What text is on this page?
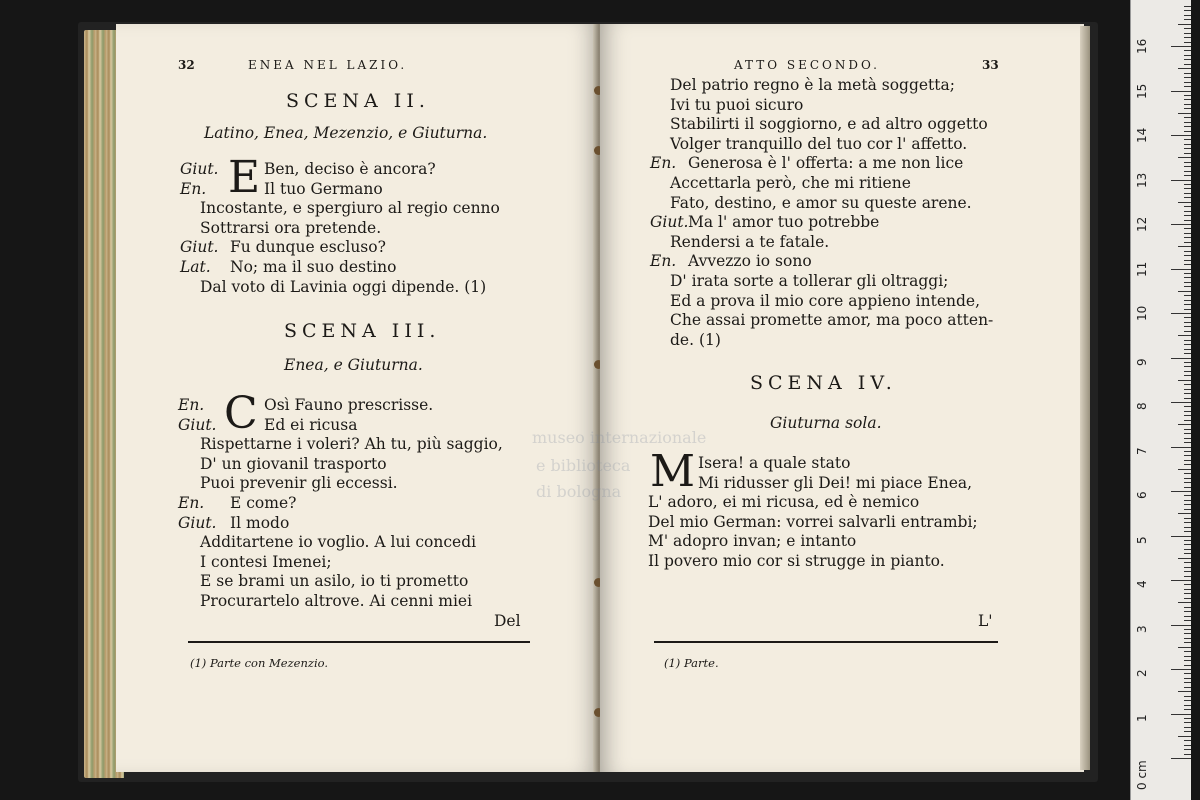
32	ENEA NEL LAZIO.
SCENA II.
Latino, Enea, Mezenzio, e Giuturna.
Giut.	Ben, deciso è ancora?
En.	Il tuo Germano
Incostante, e spergiuro al regio cenno
Sottrarsi ora pretende.
Giut. Fu dunque escluso?
Lat. No; ma il suo destino
Dal voto di Lavinia oggi dipende. (1)
E
SCENA III.
Enea, e Giuturna.
En.	Osì Fauno prescrisse.
Giut.	Ed ei ricusa
Rispettarne i voleri? Ah tu, più saggio,
D' un giovanil trasporto
Puoi prevenir gli eccessi.
En. E come?
Giut. Il modo
Additartene io voglio. A lui concedi
I contesi Imenei;
E se brami un asilo, io ti prometto
Procurartelo altrove. Ai cenni miei
C
Del
(1) Parte con Mezenzio.
ATTO SECONDO.	33
Del patrio regno è la metà soggetta;
Ivi tu puoi sicuro
Stabilirti il soggiorno, e ad altro oggetto
Volger tranquillo del tuo cor l' affetto.
En. Generosa è l' offerta: a me non lice
Accettarla però, che mi ritiene
Fato, destino, e amor su queste arene.
Giut. Ma l' amor tuo potrebbe
Rendersi a te fatale.
En. Avvezzo io sono
D' irata sorte a tollerar gli oltraggi;
Ed a prova il mio core appieno intende,
Che assai promette amor, ma poco atten-
de. (1)
SCENA IV.
Giuturna sola.
Isera! a quale stato
Mi ridusser gli Dei! mi piace Enea,
L' adoro, ei mi ricusa, ed è nemico
Del mio German: vorrei salvarli entrambi;
M' adopro invan; e intanto
Il povero mio cor si strugge in pianto.
M
L'
(1) Parte.
museo internazionale
e biblioteca
di bologna
0 cm
1
2
3
4
5
6
7
8
9
10
11
12
13
14
15
16
